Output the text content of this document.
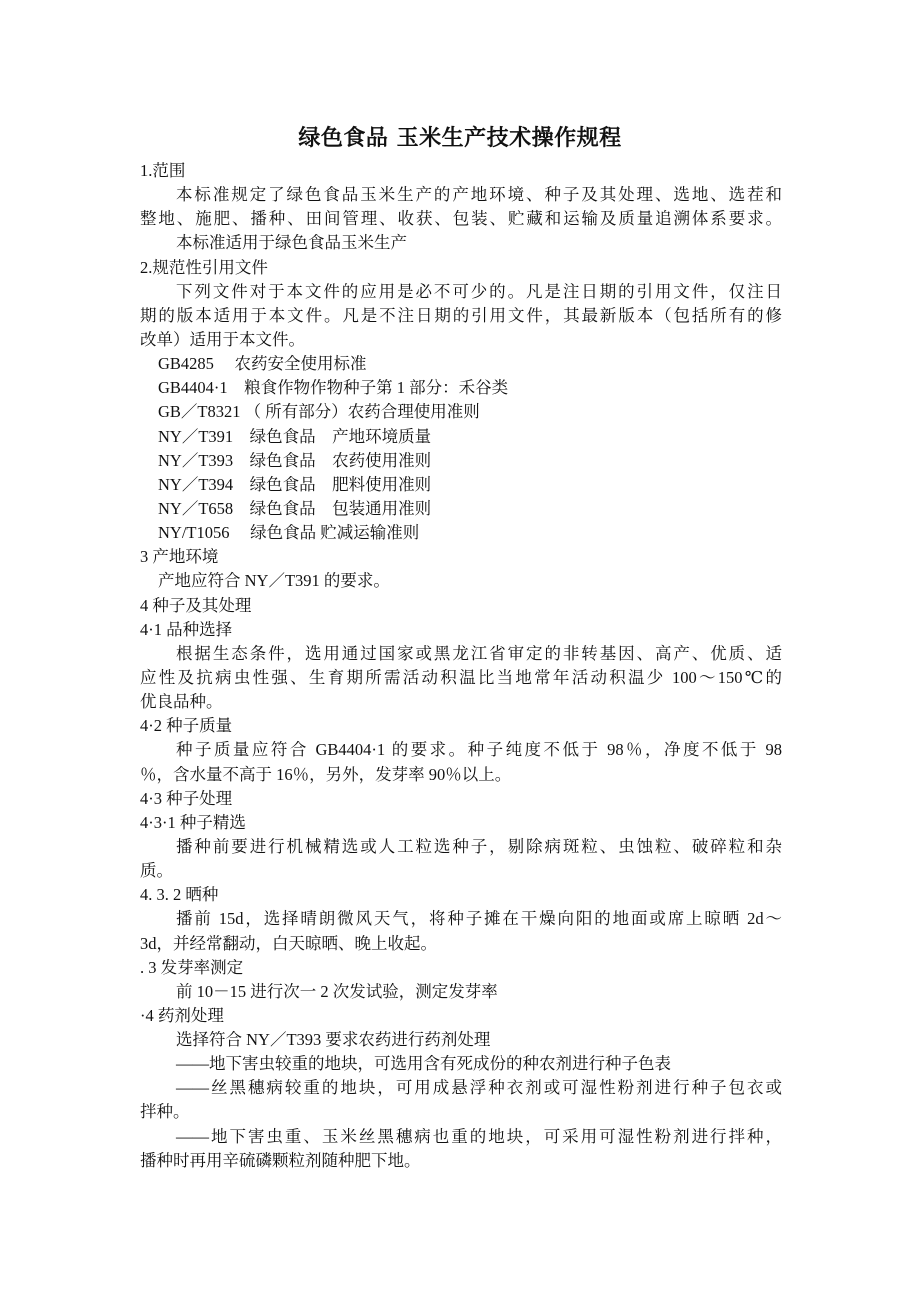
绿色食品 玉米生产技术操作规程
1.范围
本标准规定了绿色食品玉米生产的产地环境、种子及其处理、选地、选茬和
整地、施肥、播种、田间管理、收获、包装、贮藏和运输及质量追溯体系要求。
本标准适用于绿色食品玉米生产
2.规范性引用文件
下列文件对于本文件的应用是必不可少的。凡是注日期的引用文件，仅注日
期的版本适用于本文件。凡是不注日期的引用文件，其最新版本（包括所有的修
改单）适用于本文件。
GB4285　 农药安全使用标准
GB4404·1　粮食作物作物种子第 1 部分：禾谷类
GB／T8321 （ 所有部分）农药合理使用准则
NY／T391　绿色食品　产地环境质量
NY／T393　绿色食品　农药使用准则
NY／T394　绿色食品　肥料使用准则
NY／T658　绿色食品　包装通用准则
NY/T1056　 绿色食品 贮减运输准则
3 产地环境
产地应符合 NY／T391 的要求。
4 种子及其处理
4·1 品种选择
根据生态条件，选用通过国家或黑龙江省审定的非转基因、高产、优质、适
应性及抗病虫性强、生育期所需活动积温比当地常年活动积温少 100～150℃的
优良品种。
4·2 种子质量
种子质量应符合 GB4404·1 的要求。种子纯度不低于 98％，净度不低于 98
％，含水量不高于 16％，另外，发芽率 90％以上。
4·3 种子处理
4·3·1 种子精选
播种前要进行机械精选或人工粒选种子，剔除病斑粒、虫蚀粒、破碎粒和杂
质。
4. 3. 2 晒种
播前 15d，选择晴朗微风天气，将种子摊在干燥向阳的地面或席上晾晒 2d～
3d，并经常翻动，白天晾晒、晚上收起。
. 3 发芽率测定
前 10－15 进行次一 2 次发试验，测定发芽率
·4 药剂处理
选择符合 NY／T393 要求农药进行药剂处理
——地下害虫较重的地块，可选用含有死成份的种农剂进行种子色表
——丝黑穗病较重的地块，可用成悬浮种衣剂或可湿性粉剂进行种子包衣或
拌种。
——地下害虫重、玉米丝黑穗病也重的地块，可采用可湿性粉剂进行拌种，
播种时再用辛硫磷颗粒剂随种肥下地。
